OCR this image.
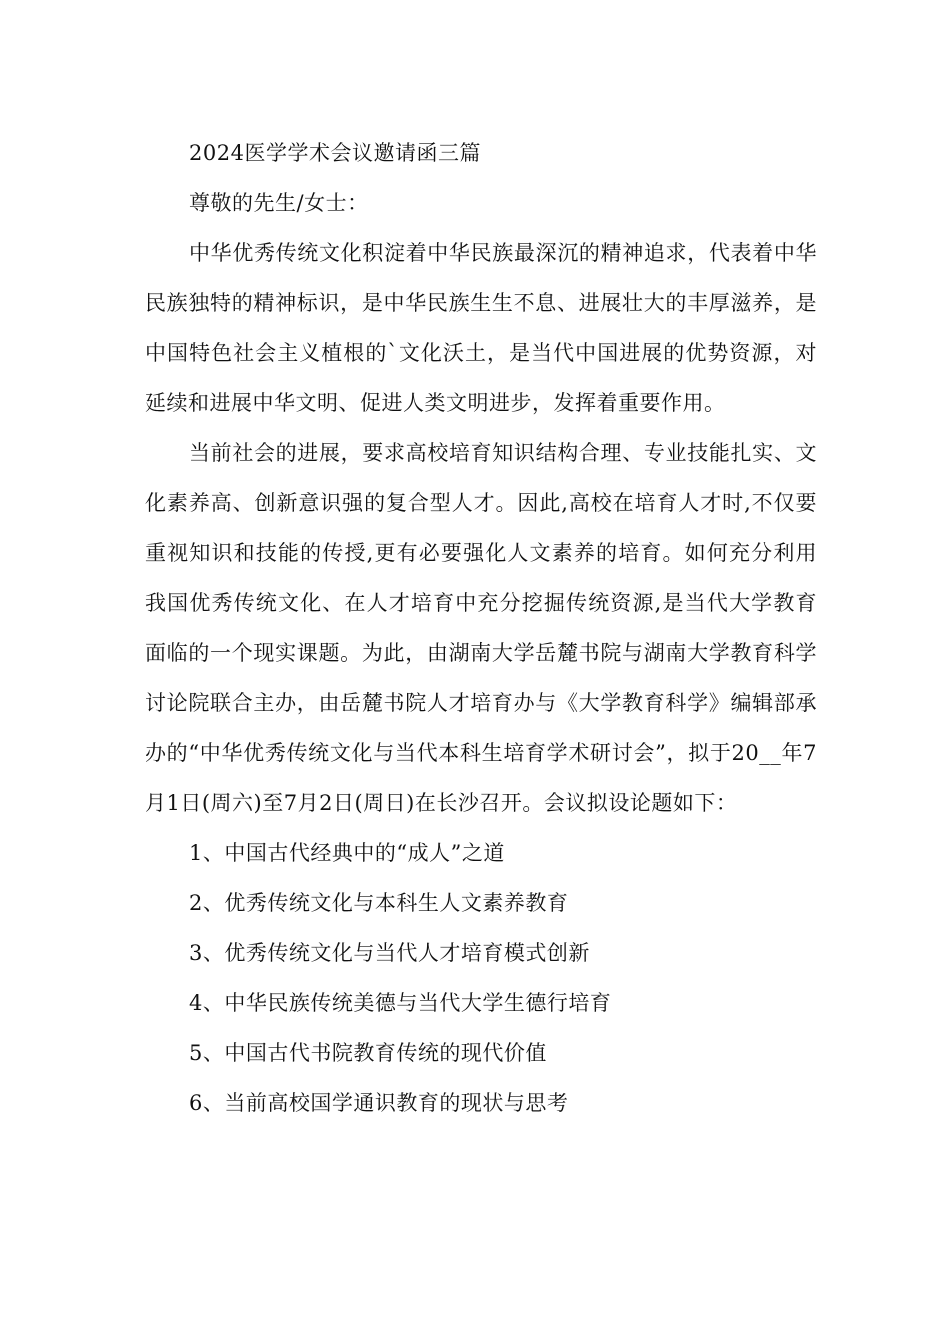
2024医学学术会议邀请函三篇

尊敬的先生/女士：

中华优秀传统文化积淀着中华民族最深沉的精神追求，代表着中华民族独特的精神标识，是中华民族生生不息、进展壮大的丰厚滋养，是中国特色社会主义植根的`文化沃土，是当代中国进展的优势资源，对延续和进展中华文明、促进人类文明进步，发挥着重要作用。

当前社会的进展，要求高校培育知识结构合理、专业技能扎实、文化素养高、创新意识强的复合型人才。因此,高校在培育人才时,不仅要重视知识和技能的传授,更有必要强化人文素养的培育。如何充分利用我国优秀传统文化、在人才培育中充分挖掘传统资源,是当代大学教育面临的一个现实课题。为此，由湖南大学岳麓书院与湖南大学教育科学讨论院联合主办，由岳麓书院人才培育办与《大学教育科学》编辑部承办的“中华优秀传统文化与当代本科生培育学术研讨会”，拟于20__年7月1日(周六)至7月2日(周日)在长沙召开。会议拟设论题如下：

1、中国古代经典中的“成人”之道
2、优秀传统文化与本科生人文素养教育
3、优秀传统文化与当代人才培育模式创新
4、中华民族传统美德与当代大学生德行培育
5、中国古代书院教育传统的现代价值
6、当前高校国学通识教育的现状与思考
